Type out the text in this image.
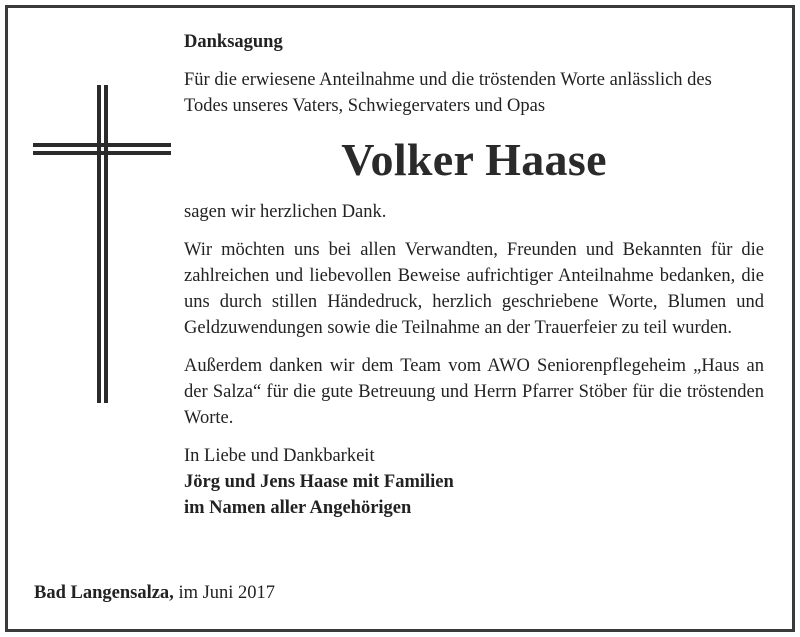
Danksagung
Für die erwiesene Anteilnahme und die tröstenden Worte anlässlich des
Todes unseres Vaters, Schwiegervaters und Opas
Volker Haase
sagen wir herzlichen Dank.
Wir möchten uns bei allen Verwandten, Freunden und Bekannten für die zahlreichen und liebevollen Beweise aufrichtiger Anteilnahme bedanken, die uns durch stillen Händedruck, herzlich geschriebene Worte, Blumen und Geldzuwendungen sowie die Teilnahme an der Trauerfeier zu teil wurden.
Außerdem danken wir dem Team vom AWO Seniorenpflegeheim „Haus an der Salza“ für die gute Betreuung und Herrn Pfarrer Stöber für die tröstenden Worte.
In Liebe und Dankbarkeit
Jörg und Jens Haase mit Familien
im Namen aller Angehörigen
Bad Langensalza, im Juni 2017
